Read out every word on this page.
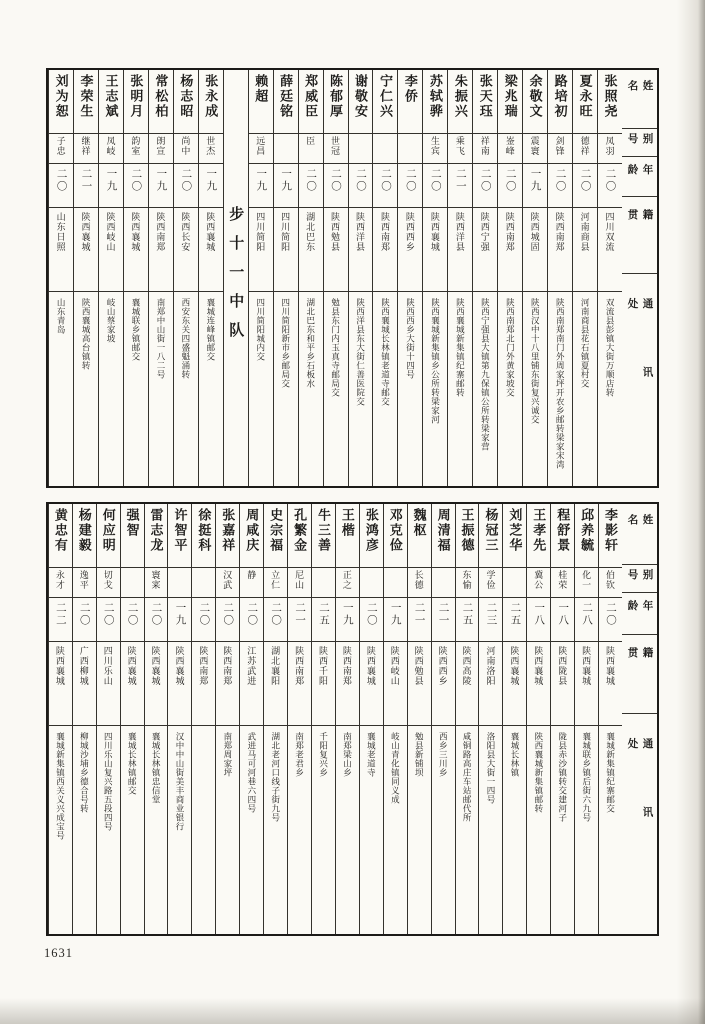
姓名
别号
年龄
籍贯
通讯处
张照尧
凤羽
二〇
四川双流
双流县彭镇大街万顺店转
夏永旺
德祥
二〇
河南商县
河南商县花石镇夏村交
路培初
剑锋
二〇
陕西南郑
陕西南郑南门外周家坪开农乡邮转梁家宋湾
余敬文
震寰
一九
陕西城固
陕西汉中十八里铺东街复兴诚交
梁兆瑞
崟峰
二〇
陕西南郑
陕西南郑北门外黄家坡交
张天珏
祥南
二〇
陕西宁强
陕西宁强县大镇第九保镇公所转梁家营
朱振兴
乘飞
二一
陕西洋县
陕西襄城新集镇纪寨邮转
苏轼骅
生宾
二〇
陕西襄城
陕西襄城新集镇乡公所转梁家河
李侨
二〇
陕西西乡
陕西西乡大街十四号
宁仁兴
二〇
陕西南郑
陕西襄城长林镇老道寺邮交
谢敬安
二〇
陕西洋县
陕西洋县东大街仁善医院交
陈郁厚
世冠
二〇
陕西勉县
勉县东门内玉真寺邮局交
郑威臣
臣
二〇
湖北巴东
湖北巴东和平乡石板水
薛廷铭
一九
四川简阳
四川简阳新市乡邮局交
赖超
远昌
一九
四川简阳
四川简阳城内交
步十一中队
张永成
世杰
一九
陕西襄城
襄城连峰镇邮交
杨志昭
尚中
二〇
陕西长安
西安东关四盛魁涌转
常松柏
朗宣
一九
陕西南郑
南郑中山街一八二号
张明月
韵室
二〇
陕西襄城
襄城联乡镇邮交
王志斌
凤岐
一九
陕西岐山
岐山蔡家坡
李荣生
继祥
二一
陕西襄城
陕西襄城高台镇转
刘为恕
子忠
二〇
山东日照
山东青岛
姓名
别号
年龄
籍贯
通讯处
李影轩
伯钦
二〇
陕西襄城
襄城新集镇纪寨邮交
邱养毓
化一
二八
陕西襄城
襄城联乡镇后街六九号
程舒景
桂荣
一八
陕西陇县
陇县赤沙镇转交建河子
王孝先
冀公
一八
陕西襄城
陕西襄城新集镇邮转
刘芝华
二五
陕西襄城
襄城长林镇
杨冠三
学俭
二三
河南洛阳
洛阳县大街一四号
王振德
东愉
二五
陕西高陵
咸铜路高庄车站邮代所
周清福
二一
陕西西乡
西乡三川乡
魏枢
长德
二一
陕西勉县
勉县新铺坝
邓克俭
一九
陕西岐山
岐山青化镇同义成
张鸿彦
二〇
陕西襄城
襄城老道寺
王楷
正之
一九
陕西南郑
南郑梁山乡
牛三善
二五
陕西千阳
千阳复兴乡
孔繁金
尼山
二一
陕西南郑
南郑老君乡
史宗福
立仁
二〇
湖北襄阳
湖北老河口线子街九号
周咸庆
静
二〇
江苏武进
武进马可河巷六四号
张嘉祥
汉武
二〇
陕西南郑
南郑周家坪
徐挺科
二〇
陕西南郑
许智平
一九
陕西襄城
汉中中山街美丰商业银行
雷志龙
寰宷
二〇
陕西襄城
襄城长林镇忠信堂
强智
二〇
陕西襄城
襄城长林镇邮交
何应明
切戈
二〇
四川乐山
四川乐山复兴路五段四号
杨建毅
逸平
二〇
广西柳城
柳城沙埔乡德合号转
黄忠有
永才
二二
陕西襄城
襄城新集镇西关义兴成宝号
1631
